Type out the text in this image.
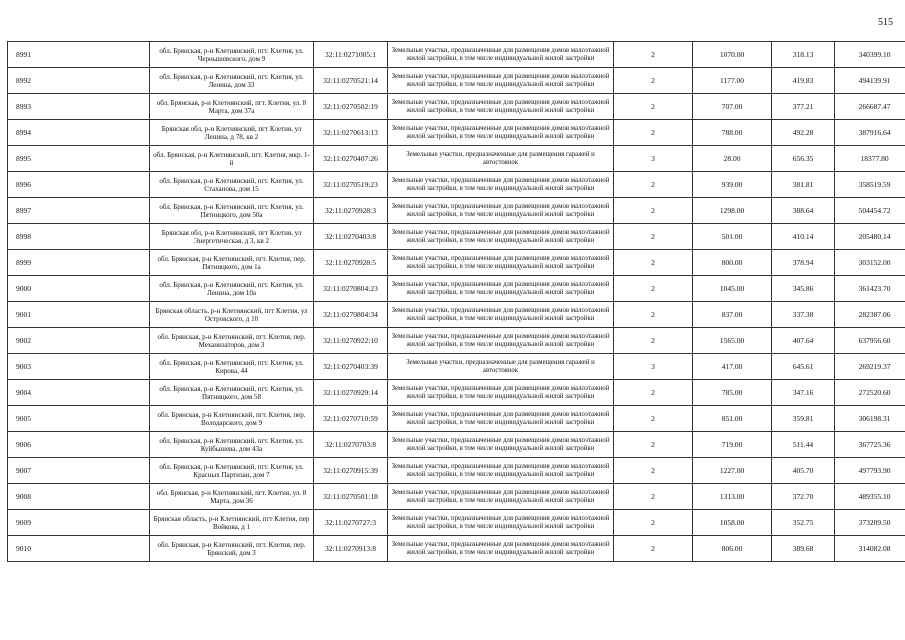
515
8991	обл. Брянская, р-н Клетнянский, пгт. Клетня, ул. Чернышевского, дом 9	32:11:0271005:1	Земельные участки, предназначенные для размещения домов малоэтажной жилой застройки, в том числе индивидуальной жилой застройки	2	1070.00	318.13	340399.10
8992	обл. Брянская, р-н Клетнянский, пгт. Клетня, ул. Ленина, дом 33	32:11:0270521:14	Земельные участки, предназначенные для размещения домов малоэтажной жилой застройки, в том числе индивидуальной жилой застройки	2	1177.00	419.83	494139.91
8993	обл. Брянская, р-н Клетнянский, пгт. Клетня, ул. 8 Марта, дом 37а	32:11:0270502:19	Земельные участки, предназначенные для размещения домов малоэтажной жилой застройки, в том числе индивидуальной жилой застройки	2	707.00	377.21	266687.47
8994	Брянская обл, р-н Клетнянский, пгт Клетня, ул Ленина, д 78, кв 2	32:11:0270613:13	Земельные участки, предназначенные для размещения домов малоэтажной жилой застройки, в том числе индивидуальной жилой застройки	2	788.00	492.28	387916.64
8995	обл. Брянская, р-н Клетнянский, пгт. Клетня, мкр. 1-й	32:11:0270407:26	Земельные участки, предназначенные для размещения гаражей и автостоянок	3	28.00	656.35	18377.80
8996	обл. Брянская, р-н Клетнянский, пгт. Клетня, ул. Стаханова, дом 15	32:11:0270519:23	Земельные участки, предназначенные для размещения домов малоэтажной жилой застройки, в том числе индивидуальной жилой застройки	2	939.00	381.81	358519.59
8997	обл. Брянская, р-н Клетнянский, пгт. Клетня, ул. Пятницкого, дом 50а	32:11:0270928:3	Земельные участки, предназначенные для размещения домов малоэтажной жилой застройки, в том числе индивидуальной жилой застройки	2	1298.00	388.64	504454.72
8998	Брянская обл, р-н Клетнянский, пгт Клетня, ул Энергетическая, д 3, кв 2	32:11:0270403:8	Земельные участки, предназначенные для размещения домов малоэтажной жилой застройки, в том числе индивидуальной жилой застройки	2	501.00	410.14	205480.14
8999	обл. Брянская, р-н Клетнянский, пгт. Клетня, пер. Пятницкого, дом 1а	32:11:0270928:5	Земельные участки, предназначенные для размещения домов малоэтажной жилой застройки, в том числе индивидуальной жилой застройки	2	800.00	378.94	303152.00
9000	обл. Брянская, р-н Клетнянский, пгт. Клетня, ул. Ленина, дом 10а	32:11:0270804:23	Земельные участки, предназначенные для размещения домов малоэтажной жилой застройки, в том числе индивидуальной жилой застройки	2	1045.00	345.86	361423.70
9001	Брянская область, р-н Клетнянский, пгт Клетня, ул Островского, д 10	32:11:0270804:34	Земельные участки, предназначенные для размещения домов малоэтажной жилой застройки, в том числе индивидуальной жилой застройки	2	837.00	337.38	282387.06
9002	обл. Брянская, р-н Клетнянский, пгт. Клетня, пер. Механизаторов, дом 3	32:11:0270922:10	Земельные участки, предназначенные для размещения домов малоэтажной жилой застройки, в том числе индивидуальной жилой застройки	2	1565.00	407.64	637956.60
9003	обл. Брянская, р-н Клетнянский, пгт. Клетня, ул. Кирова, 44	32:11:0270403:39	Земельные участки, предназначенные для размещения гаражей и автостоянок	3	417.00	645.61	269219.37
9004	обл. Брянская, р-н Клетнянский, пгт. Клетня, ул. Пятницкого, дом 58	32:11:0270929:14	Земельные участки, предназначенные для размещения домов малоэтажной жилой застройки, в том числе индивидуальной жилой застройки	2	785.00	347.16	272520.60
9005	обл. Брянская, р-н Клетнянский, пгт. Клетня, пер. Володарского, дом 9	32:11:0270710:59	Земельные участки, предназначенные для размещения домов малоэтажной жилой застройки, в том числе индивидуальной жилой застройки	2	851.00	359.81	306198.31
9006	обл. Брянская, р-н Клетнянский, пгт. Клетня, ул. Куйбышева, дом 43а	32:11:0270703:8	Земельные участки, предназначенные для размещения домов малоэтажной жилой застройки, в том числе индивидуальной жилой застройки	2	719.00	511.44	367725.36
9007	обл. Брянская, р-н Клетнянский, пгт. Клетня, ул. Красных Партизан, дом 7	32:11:0270915:39	Земельные участки, предназначенные для размещения домов малоэтажной жилой застройки, в том числе индивидуальной жилой застройки	2	1227.00	405.70	497793.90
9008	обл. Брянская, р-н Клетнянский, пгт. Клетня, ул. 8 Марта, дом 36	32:11:0270501:18	Земельные участки, предназначенные для размещения домов малоэтажной жилой застройки, в том числе индивидуальной жилой застройки	2	1313.00	372.70	489355.10
9009	Брянская область, р-н Клетнянский, пгт Клетня, пер Войкова, д 1	32:11:0270727:3	Земельные участки, предназначенные для размещения домов малоэтажной жилой застройки, в том числе индивидуальной жилой застройки	2	1058.00	352.75	373209.50
9010	обл. Брянская, р-н Клетнянский, пгт. Клетня, пер. Брянский, дом 3	32:11:0270913:8	Земельные участки, предназначенные для размещения домов малоэтажной жилой застройки, в том числе индивидуальной жилой застройки	2	806.00	389.68	314082.08
